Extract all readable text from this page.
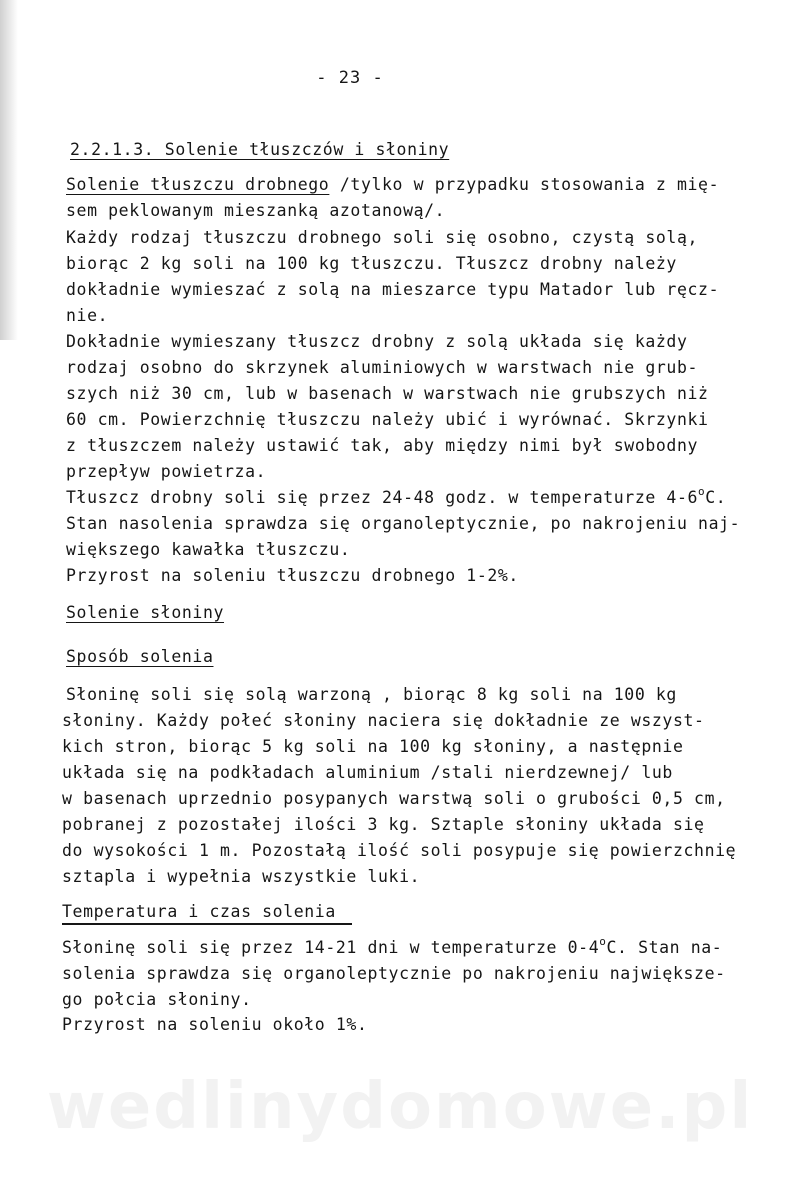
- 23 -
2.2.1.3. Solenie tłuszczów i słoniny
Solenie tłuszczu drobnego /tylko w przypadku stosowania z mię-
sem peklowanym mieszanką azotanową/.
Każdy rodzaj tłuszczu drobnego soli się osobno, czystą solą,
biorąc 2 kg soli na 100 kg tłuszczu. Tłuszcz drobny należy
dokładnie wymieszać z solą na mieszarce typu Matador lub ręcz-
nie.
Dokładnie wymieszany tłuszcz drobny z solą układa się każdy
rodzaj osobno do skrzynek aluminiowych w warstwach nie grub-
szych niż 30 cm, lub w basenach w warstwach nie grubszych niż
60 cm. Powierzchnię tłuszczu należy ubić i wyrównać. Skrzynki
z tłuszczem należy ustawić tak, aby między nimi był swobodny
przepływ powietrza.
Tłuszcz drobny soli się przez 24-48 godz. w temperaturze 4-6$^o$C.
Stan nasolenia sprawdza się organoleptycznie, po nakrojeniu naj-
większego kawałka tłuszczu.
Przyrost na soleniu tłuszczu drobnego 1-2%.
Solenie słoniny
Sposób solenia
Słoninę soli się solą warzoną , biorąc 8 kg soli na 100 kg
słoniny. Każdy połeć słoniny naciera się dokładnie ze wszyst-
kich stron, biorąc 5 kg soli na 100 kg słoniny, a następnie
układa się na podkładach aluminium /stali nierdzewnej/ lub
w basenach uprzednio posypanych warstwą soli o grubości 0,5 cm,
pobranej z pozostałej ilości 3 kg. Sztaple słoniny układa się
do wysokości 1 m. Pozostałą ilość soli posypuje się powierzchnię
sztapla i wypełnia wszystkie luki.
Temperatura i czas solenia
Słoninę soli się przez 14-21 dni w temperaturze 0-4$^o$C. Stan na-
solenia sprawdza się organoleptycznie po nakrojeniu największe-
go połcia słoniny.
Przyrost na soleniu około 1%.
wedlinydomowe.pl
